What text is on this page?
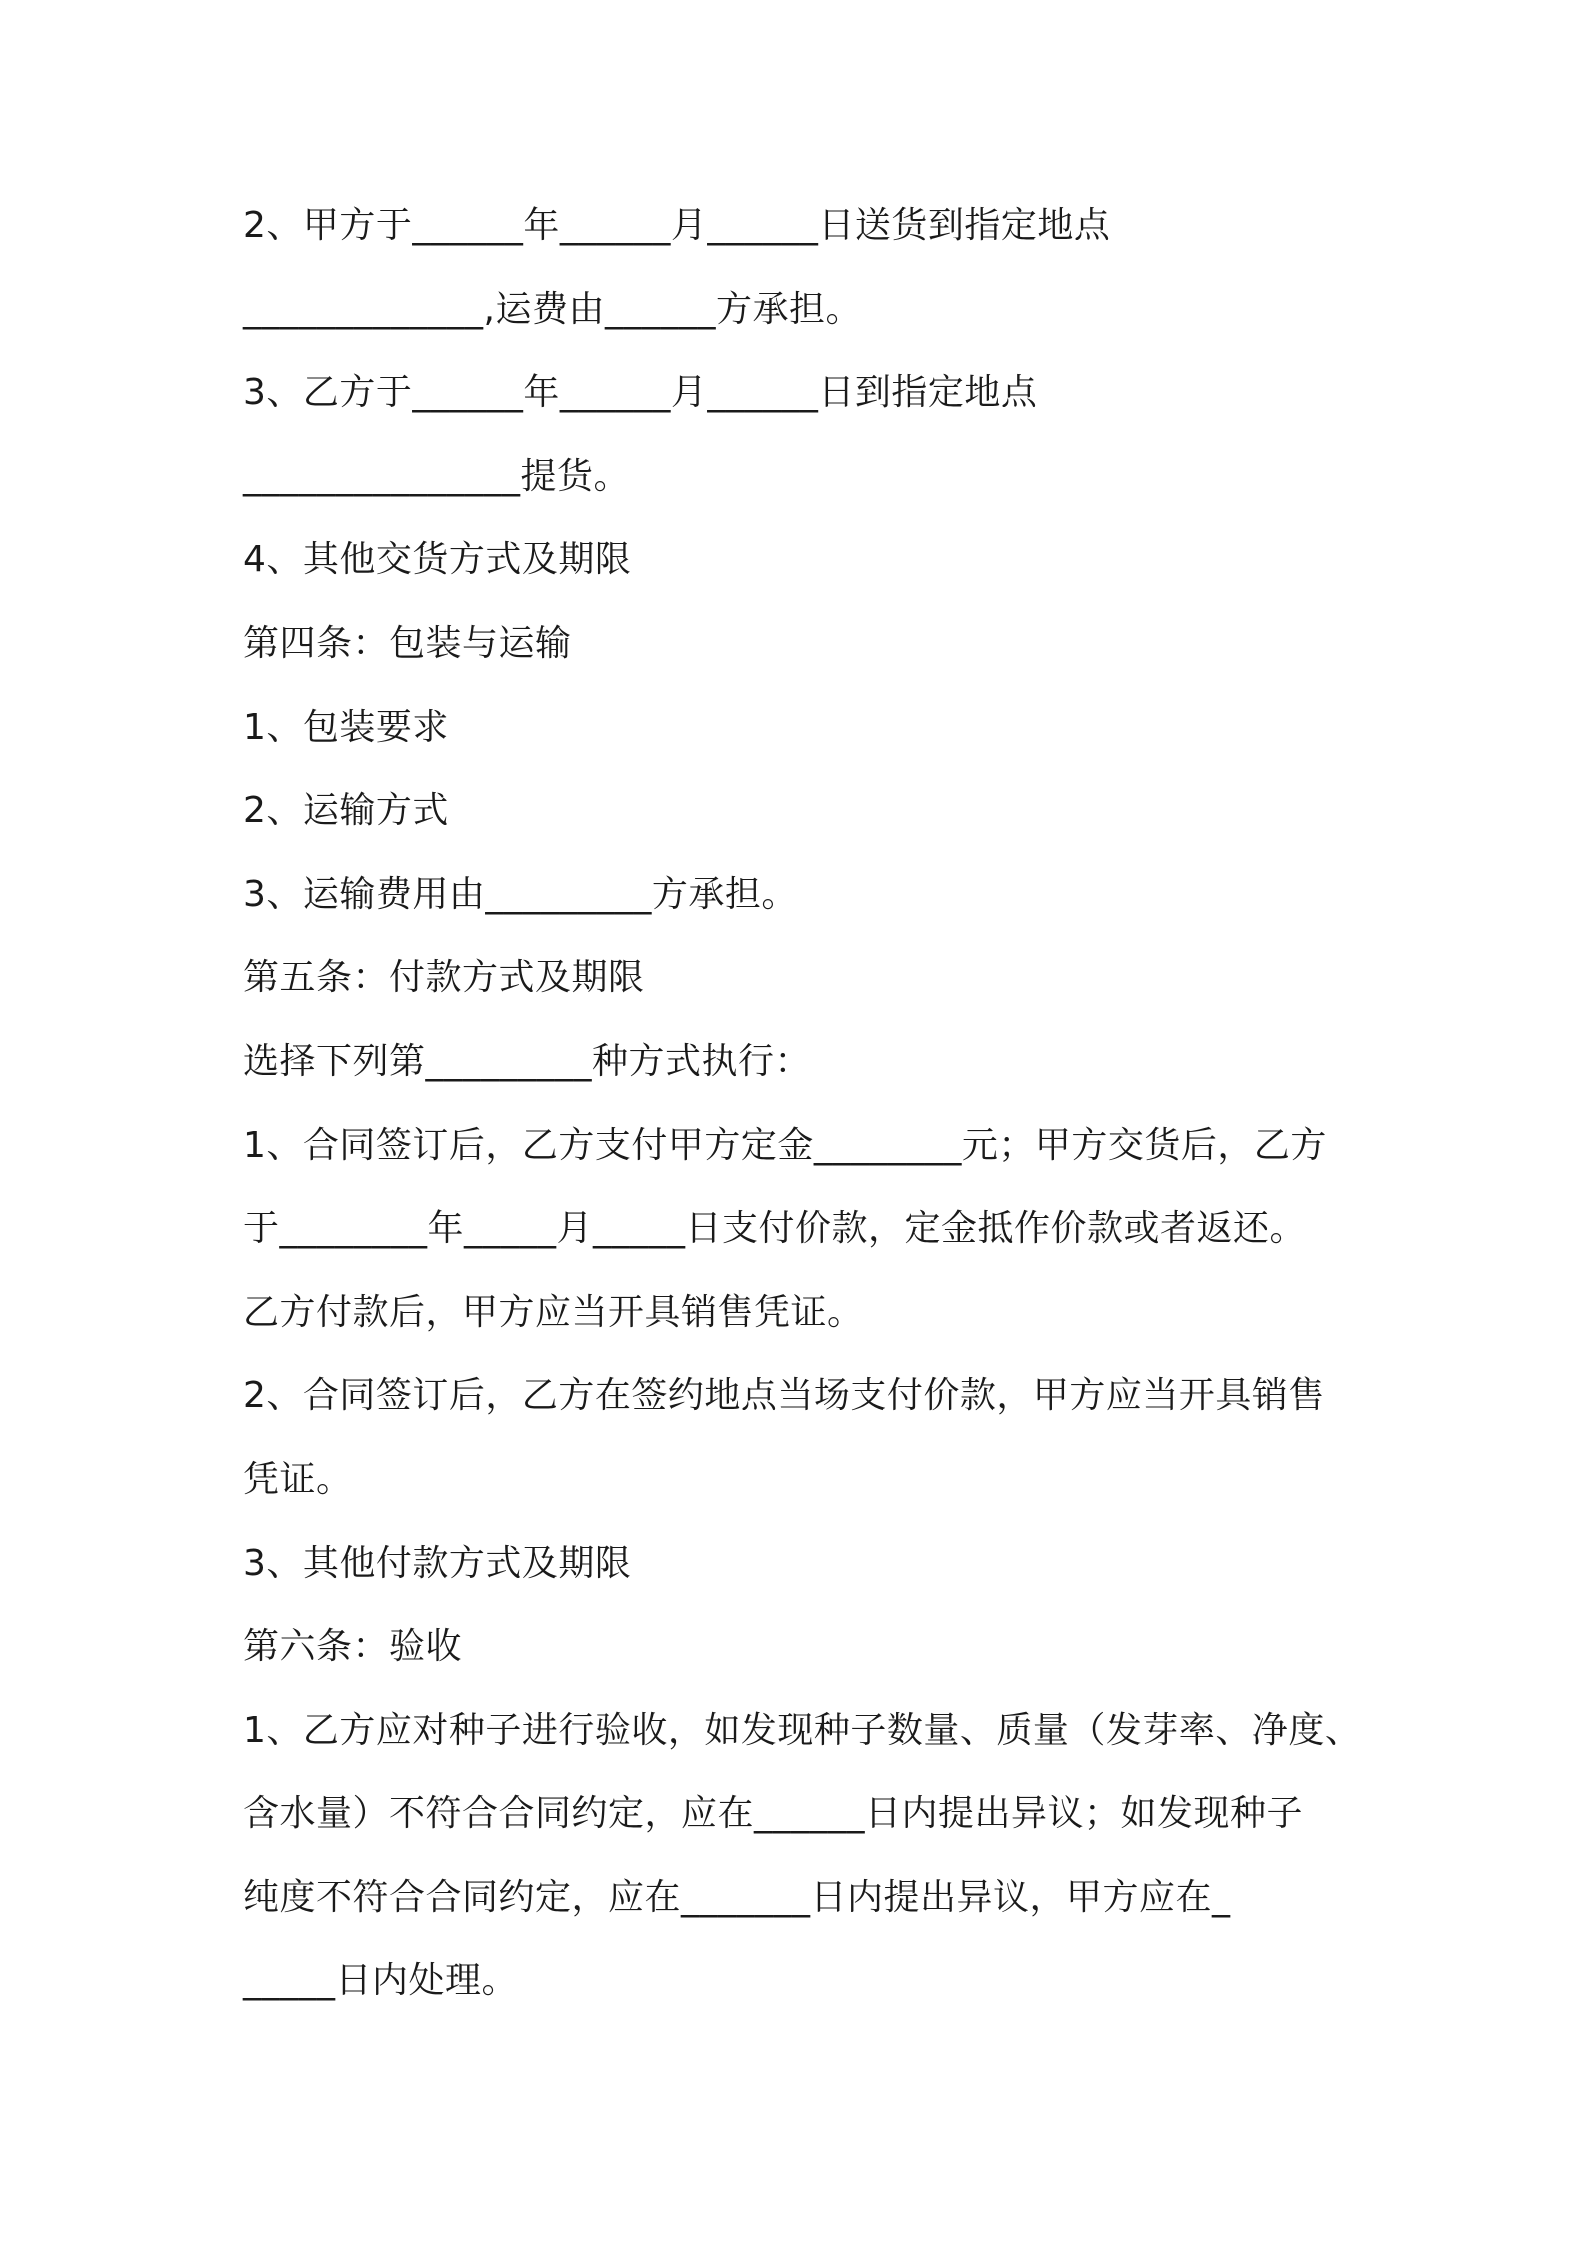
2、甲方于______年______月______日送货到指定地点

_____________,运费由______方承担。

3、乙方于______年______月______日到指定地点

_______________提货。

4、其他交货方式及期限

第四条：包装与运输

1、包装要求

2、运输方式

3、运输费用由_________方承担。

第五条：付款方式及期限

选择下列第_________种方式执行：

1、合同签订后，乙方支付甲方定金________元；甲方交货后，乙方

于________年_____月_____日支付价款，定金抵作价款或者返还。

乙方付款后，甲方应当开具销售凭证。

2、合同签订后，乙方在签约地点当场支付价款，甲方应当开具销售

凭证。

3、其他付款方式及期限

第六条：验收

1、乙方应对种子进行验收，如发现种子数量、质量（发芽率、净度、

含水量）不符合合同约定，应在______日内提出异议；如发现种子

纯度不符合合同约定，应在_______日内提出异议，甲方应在_

_____日内处理。
